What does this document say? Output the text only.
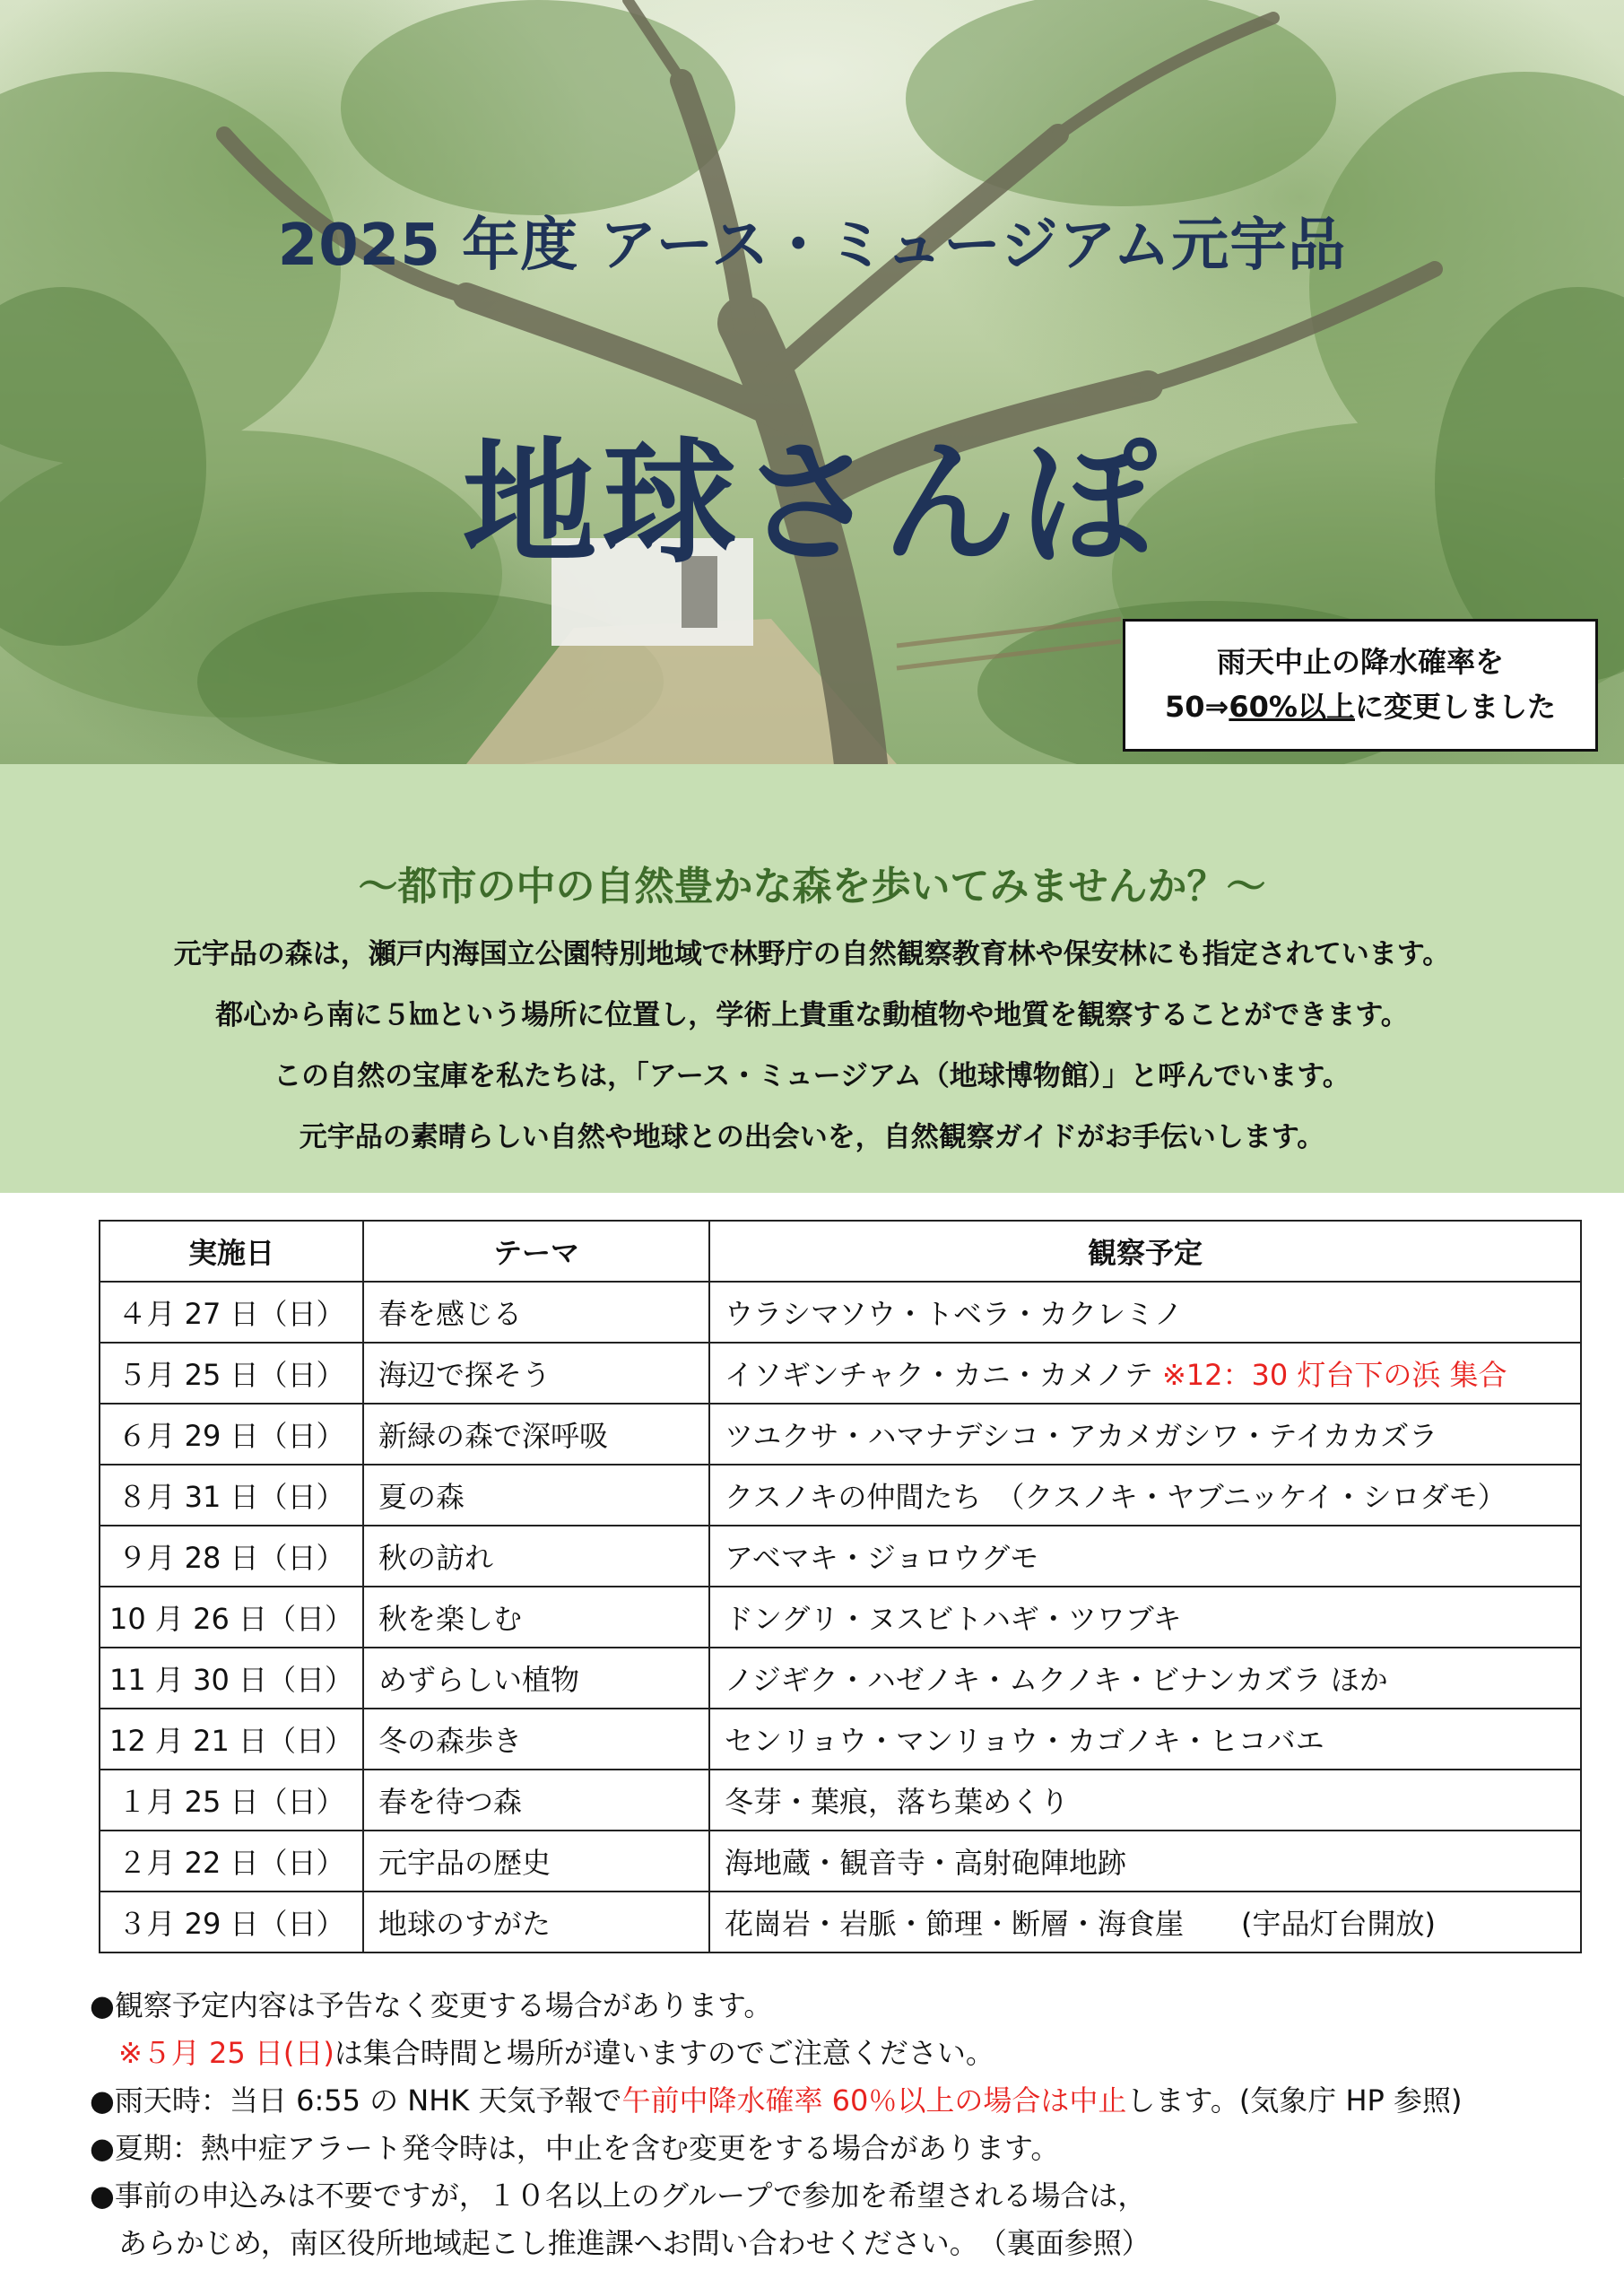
2025 年度 アース・ミュージアム元宇品
地球さんぽ
雨天中止の降水確率を
50⇒60%以上に変更しました
～都市の中の自然豊かな森を歩いてみませんか？～
元宇品の森は，瀬戸内海国立公園特別地域で林野庁の自然観察教育林や保安林にも指定されています。
都心から南に５㎞という場所に位置し，学術上貴重な動植物や地質を観察することができます。
この自然の宝庫を私たちは，「アース・ミュージアム（地球博物館）」と呼んでいます。
元宇品の素晴らしい自然や地球との出会いを，自然観察ガイドがお手伝いします。
実施日	テーマ	観察予定
４月 27 日（日）	春を感じる	ウラシマソウ・トベラ・カクレミノ
５月 25 日（日）	海辺で探そう	イソギンチャク・カニ・カメノテ ※12：30 灯台下の浜 集合
６月 29 日（日）	新緑の森で深呼吸	ツユクサ・ハマナデシコ・アカメガシワ・テイカカズラ
８月 31 日（日）	夏の森	クスノキの仲間たち　（クスノキ・ヤブニッケイ・シロダモ）
９月 28 日（日）	秋の訪れ	アベマキ・ジョロウグモ
10 月 26 日（日）	秋を楽しむ	ドングリ・ヌスビトハギ・ツワブキ
11 月 30 日（日）	めずらしい植物	ノジギク・ハゼノキ・ムクノキ・ビナンカズラ ほか
12 月 21 日（日）	冬の森歩き	センリョウ・マンリョウ・カゴノキ・ヒコバエ
１月 25 日（日）	春を待つ森	冬芽・葉痕，落ち葉めくり
２月 22 日（日）	元宇品の歴史	海地蔵・観音寺・高射砲陣地跡
３月 29 日（日）	地球のすがた	花崗岩・岩脈・節理・断層・海食崖　　(宇品灯台開放)
●観察予定内容は予告なく変更する場合があります。
※５月 25 日(日)は集合時間と場所が違いますのでご注意ください。
●雨天時：当日 6:55 の NHK 天気予報で午前中降水確率 60％以上の場合は中止します。(気象庁 HP 参照)
●夏期：熱中症アラート発令時は，中止を含む変更をする場合があります。
●事前の申込みは不要ですが，１０名以上のグループで参加を希望される場合は，
あらかじめ，南区役所地域起こし推進課へお問い合わせください。　（裏面参照）
